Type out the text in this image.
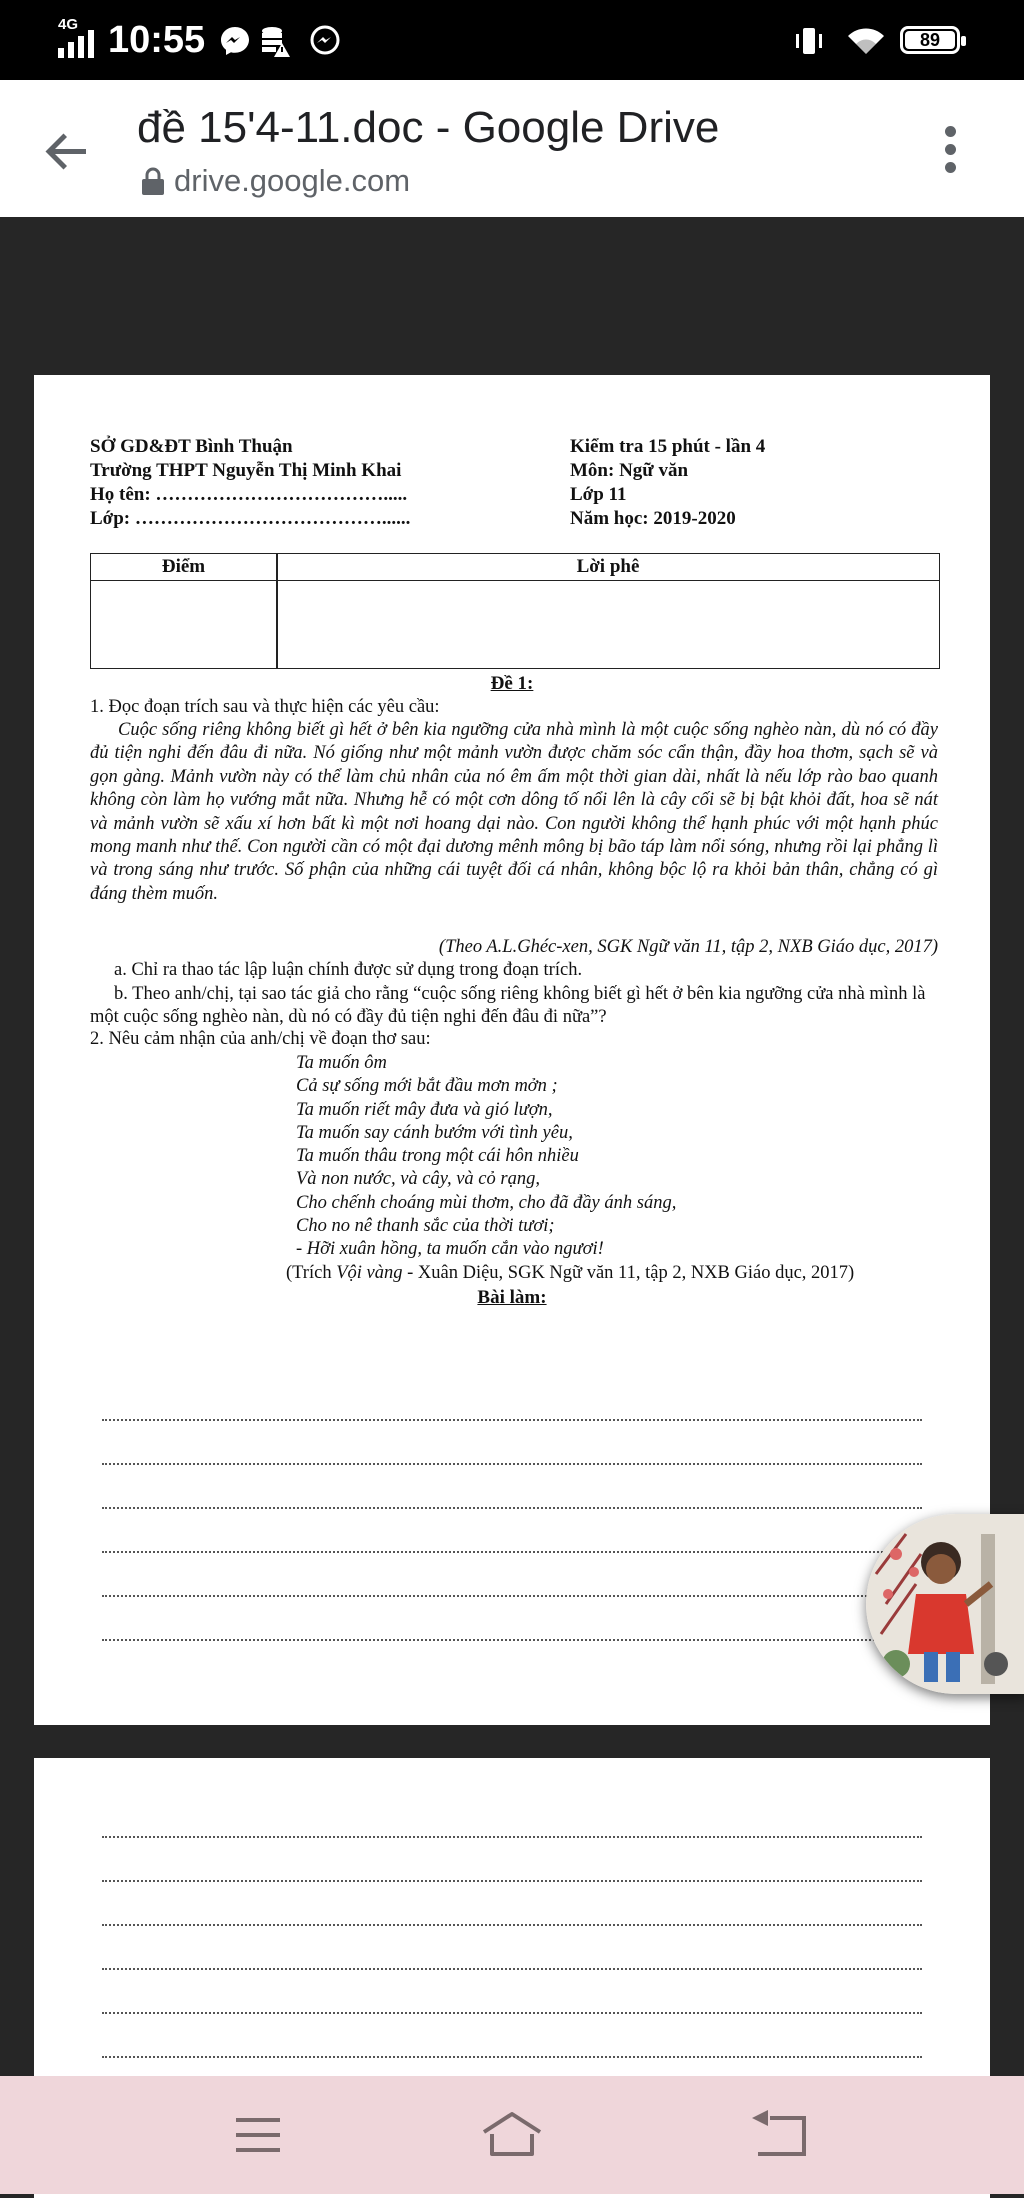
4G 10:55	89
đề 15'4-11.doc - Google Drive
drive.google.com
SỞ GD&ĐT Bình Thuận
Trường THPT Nguyễn Thị Minh Khai
Họ tên: ……………………………….....
Lớp: …………………………………......
Kiểm tra 15 phút - lần 4
Môn: Ngữ văn
Lớp 11
Năm học: 2019-2020
Điểm	Lời phê
Đề 1:
1. Đọc đoạn trích sau và thực hiện các yêu cầu:
Cuộc sống riêng không biết gì hết ở bên kia ngưỡng cửa nhà mình là một cuộc sống nghèo nàn, dù nó có đầy đủ tiện nghi đến đâu đi nữa. Nó giống như một mảnh vườn được chăm sóc cẩn thận, đầy hoa thơm, sạch sẽ và gọn gàng. Mảnh vườn này có thể làm chủ nhân của nó êm ấm một thời gian dài, nhất là nếu lớp rào bao quanh không còn làm họ vướng mắt nữa. Nhưng hễ có một cơn dông tố nổi lên là cây cối sẽ bị bật khỏi đất, hoa sẽ nát và mảnh vườn sẽ xấu xí hơn bất kì một nơi hoang dại nào. Con người không thể hạnh phúc với một hạnh phúc mong manh như thế. Con người cần có một đại dương mênh mông bị bão táp làm nổi sóng, nhưng rồi lại phẳng lì và trong sáng như trước. Số phận của những cái tuyệt đối cá nhân, không bộc lộ ra khỏi bản thân, chẳng có gì đáng thèm muốn.
(Theo A.L.Ghéc-xen, SGK Ngữ văn 11, tập 2, NXB Giáo dục, 2017)
a. Chỉ ra thao tác lập luận chính được sử dụng trong đoạn trích.
b. Theo anh/chị, tại sao tác giả cho rằng “cuộc sống riêng không biết gì hết ở bên kia ngưỡng cửa nhà mình là một cuộc sống nghèo nàn, dù nó có đầy đủ tiện nghi đến đâu đi nữa”?
2. Nêu cảm nhận của anh/chị về đoạn thơ sau:
Ta muốn ôm
Cả sự sống mới bắt đầu mơn mởn ;
Ta muốn riết mây đưa và gió lượn,
Ta muốn say cánh bướm với tình yêu,
Ta muốn thâu trong một cái hôn nhiều
Và non nước, và cây, và cỏ rạng,
Cho chếnh choáng mùi thơm, cho đã đầy ánh sáng,
Cho no nê thanh sắc của thời tươi;
- Hỡi xuân hồng, ta muốn cắn vào ngươi!
(Trích Vội vàng - Xuân Diệu, SGK Ngữ văn 11, tập 2, NXB Giáo dục, 2017)
Bài làm:
